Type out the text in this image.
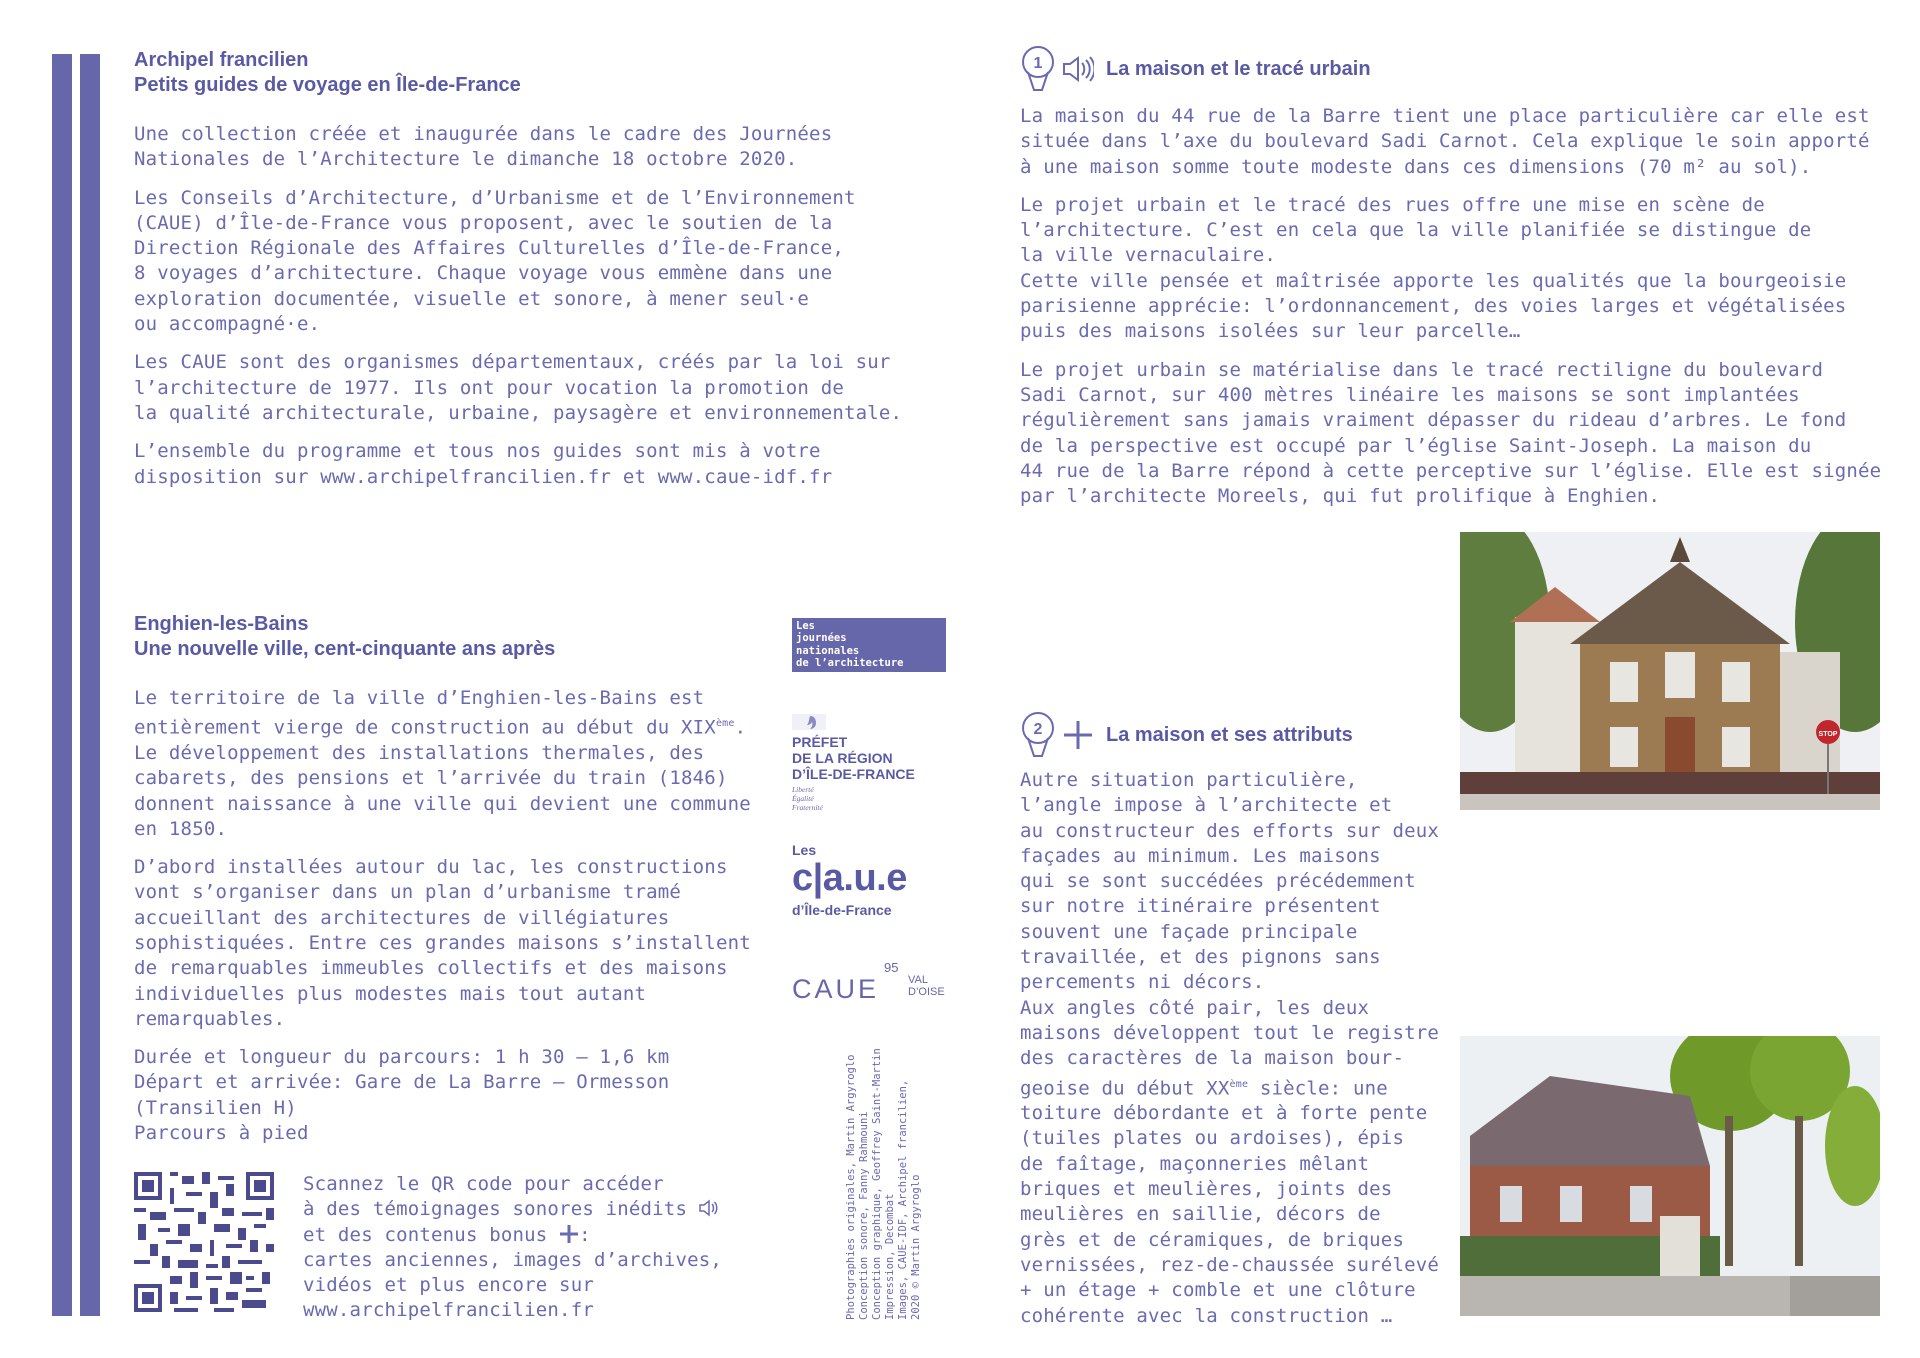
Archipel francilien
Petits guides de voyage en Île-de-France

Une collection créée et inaugurée dans le cadre des Journées
Nationales de l’Architecture le dimanche 18 octobre 2020.

Les Conseils d’Architecture, d’Urbanisme et de l’Environnement
(CAUE) d’Île-de-France vous proposent, avec le soutien de la
Direction Régionale des Affaires Culturelles d’Île-de-France,
8 voyages d’architecture. Chaque voyage vous emmène dans une
exploration documentée, visuelle et sonore, à mener seul·e
ou accompagné·e.

Les CAUE sont des organismes départementaux, créés par la loi sur
l’architecture de 1977. Ils ont pour vocation la promotion de
la qualité architecturale, urbaine, paysagère et environnementale.

L’ensemble du programme et tous nos guides sont mis à votre
disposition sur www.archipelfrancilien.fr et www.caue-idf.fr

Enghien-les-Bains
Une nouvelle ville, cent-cinquante ans après

Le territoire de la ville d’Enghien-les-Bains est
entièrement vierge de construction au début du XIXème.
Le développement des installations thermales, des
cabarets, des pensions et l’arrivée du train (1846)
donnent naissance à une ville qui devient une commune
en 1850.

D’abord installées autour du lac, les constructions
vont s’organiser dans un plan d’urbanisme tramé
accueillant des architectures de villégiatures
sophistiquées. Entre ces grandes maisons s’installent
de remarquables immeubles collectifs et des maisons
individuelles plus modestes mais tout autant
remarquables.

Durée et longueur du parcours: 1 h 30 — 1,6 km
Départ et arrivée: Gare de La Barre – Ormesson
(Transilien H)
Parcours à pied

Scannez le QR code pour accéder
à des témoignages sonores inédits
et des contenus bonus :
cartes anciennes, images d’archives,
vidéos et plus encore sur
www.archipelfrancilien.fr

Les
journées
nationales
de l’architecture
PRÉFET
DE LA RÉGION
D’ÎLE-DE-FRANCE
Liberté
Égalité
Fraternité
Les
c|a.u.e
d’Île-de-France
CAUE
95
VAL
D’OISE
Photographies originales, Martin Argyroglo
Conception sonore, Fanny Rahmouni
Conception graphique, Geoffrey Saint-Martin
Impression, Decombat
Images, CAUE-IDF, Archipel francilien,
2020 © Martin Argyroglo
1	La maison et le tracé urbain

La maison du 44 rue de la Barre tient une place particulière car elle est
située dans l’axe du boulevard Sadi Carnot. Cela explique le soin apporté
à une maison somme toute modeste dans ces dimensions (70 m² au sol).

Le projet urbain et le tracé des rues offre une mise en scène de
l’architecture. C’est en cela que la ville planifiée se distingue de
la ville vernaculaire.
Cette ville pensée et maîtrisée apporte les qualités que la bourgeoisie
parisienne apprécie: l’ordonnancement, des voies larges et végétalisées
puis des maisons isolées sur leur parcelle…

Le projet urbain se matérialise dans le tracé rectiligne du boulevard
Sadi Carnot, sur 400 mètres linéaire les maisons se sont implantées
régulièrement sans jamais vraiment dépasser du rideau d’arbres. Le fond
de la perspective est occupé par l’église Saint-Joseph. La maison du
44 rue de la Barre répond à cette perceptive sur l’église. Elle est signée
par l’architecte Moreels, qui fut prolifique à Enghien.

STOP
2	La maison et ses attributs

Autre situation particulière,
l’angle impose à l’architecte et
au constructeur des efforts sur deux
façades au minimum. Les maisons
qui se sont succédées précédemment
sur notre itinéraire présentent
souvent une façade principale
travaillée, et des pignons sans
percements ni décors.
Aux angles côté pair, les deux
maisons développent tout le registre
des caractères de la maison bour-
geoise du début XXème siècle: une
toiture débordante et à forte pente
(tuiles plates ou ardoises), épis
de faîtage, maçonneries mêlant
briques et meulières, joints des
meulières en saillie, décors de
grès et de céramiques, de briques
vernissées, rez-de-chaussée surélevé
+ un étage + comble et une clôture
cohérente avec la construction …
